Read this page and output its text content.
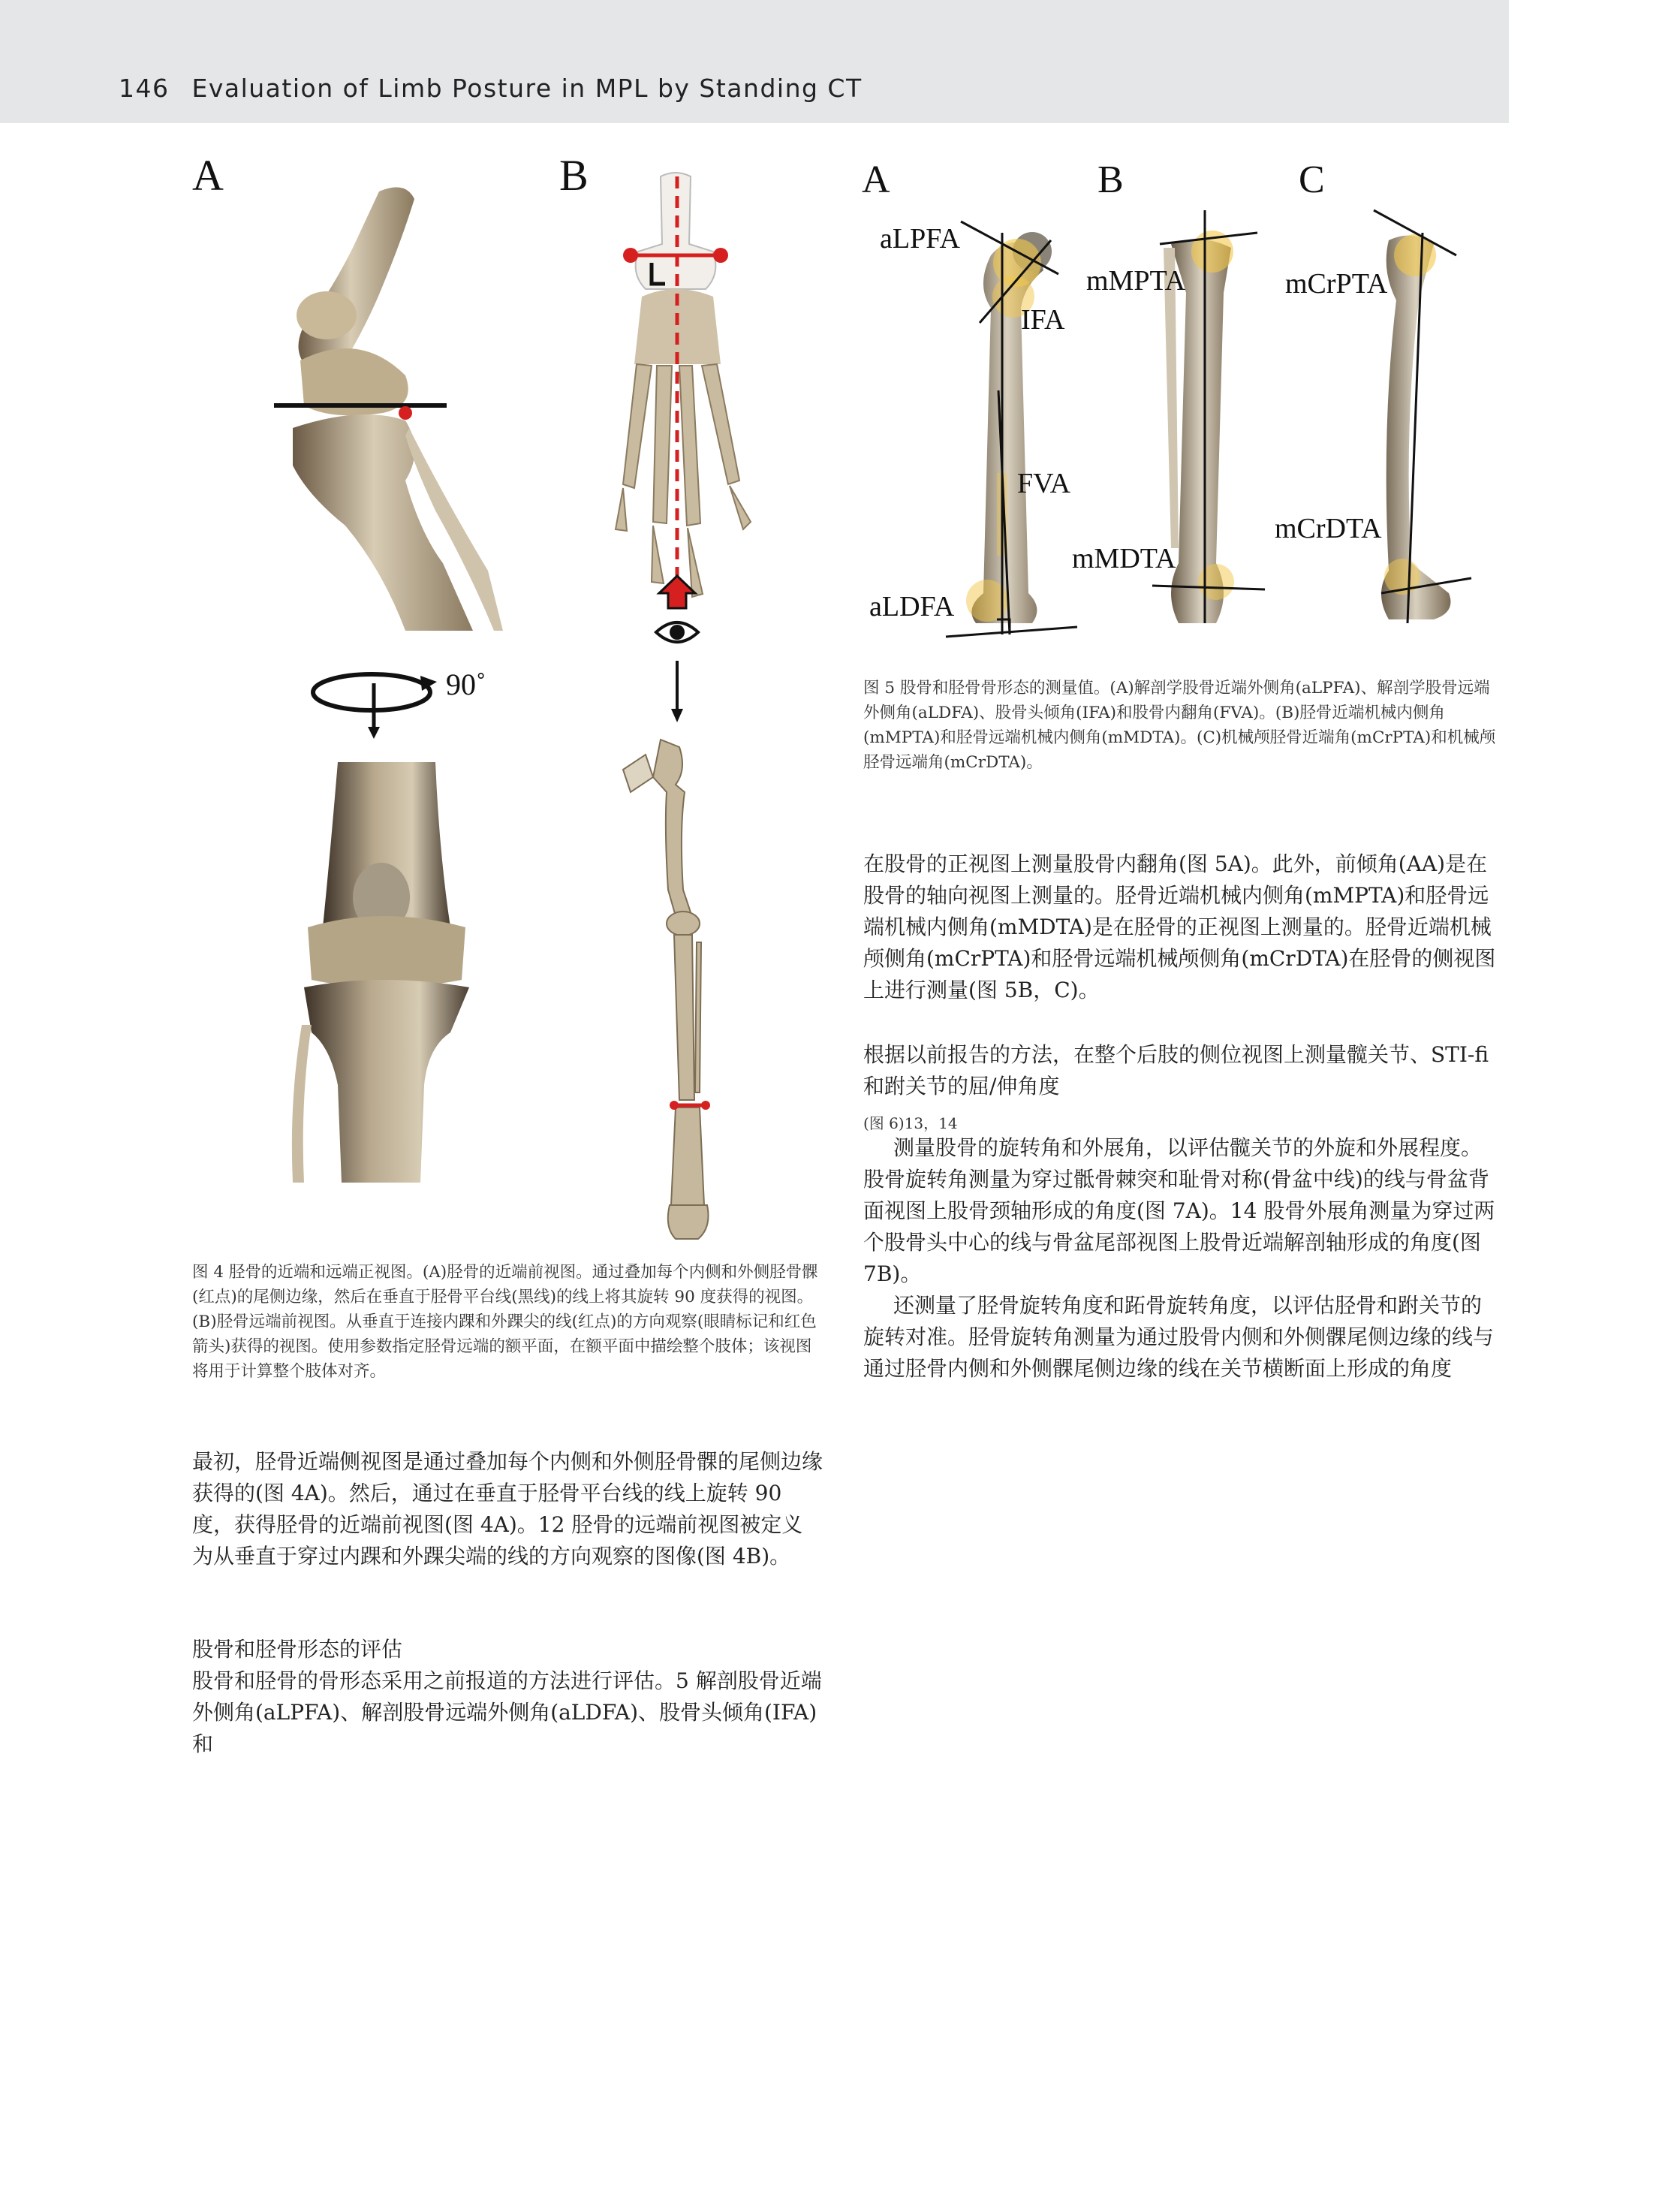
146 Evaluation of Limb Posture in MPL by Standing CT
A	B
90˚
图 4 胫骨的近端和远端正视图。(A)胫骨的近端前视图。通过叠加每个内侧和外侧胫骨髁(红点)的尾侧边缘，然后在垂直于胫骨平台线(黑线)的线上将其旋转 90 度获得的视图。(B)胫骨远端前视图。从垂直于连接内踝和外踝尖的线(红点)的方向观察(眼睛标记和红色箭头)获得的视图。使用参数指定胫骨远端的额平面，在额平面中描绘整个肢体；该视图将用于计算整个肢体对齐。
A	B	C
aLPFA
IFA
FVA
aLDFA
mMPTA
mMDTA
mCrPTA
mCrDTA
图 5 股骨和胫骨骨形态的测量值。(A)解剖学股骨近端外侧角(aLPFA)、解剖学股骨远端外侧角(aLDFA)、股骨头倾角(IFA)和股骨内翻角(FVA)。(B)胫骨近端机械内侧角(mMPTA)和胫骨远端机械内侧角(mMDTA)。(C)机械颅胫骨近端角(mCrPTA)和机械颅胫骨远端角(mCrDTA)。

在股骨的正视图上测量股骨内翻角(图 5A)。此外，前倾角(AA)是在股骨的轴向视图上测量的。胫骨近端机械内侧角(mMPTA)和胫骨远端机械内侧角(mMDTA)是在胫骨的正视图上测量的。胫骨近端机械颅侧角(mCrPTA)和胫骨远端机械颅侧角(mCrDTA)在胫骨的侧视图上进行测量(图 5B，C)。

根据以前报告的方法，在整个后肢的侧位视图上测量髋关节、STI-fi 和跗关节的屈/伸角度

(图 6)13，14

测量股骨的旋转角和外展角，以评估髋关节的外旋和外展程度。股骨旋转角测量为穿过骶骨棘突和耻骨对称(骨盆中线)的线与骨盆背面视图上股骨颈轴形成的角度(图 7A)。14 股骨外展角测量为穿过两个股骨头中心的线与骨盆尾部视图上股骨近端解剖轴形成的角度(图 7B)。

还测量了胫骨旋转角度和跖骨旋转角度，以评估胫骨和跗关节的旋转对准。胫骨旋转角测量为通过股骨内侧和外侧髁尾侧边缘的线与通过胫骨内侧和外侧髁尾侧边缘的线在关节横断面上形成的角度

最初，胫骨近端侧视图是通过叠加每个内侧和外侧胫骨髁的尾侧边缘获得的(图 4A)。然后，通过在垂直于胫骨平台线的线上旋转 90 度，获得胫骨的近端前视图(图 4A)。12 胫骨的远端前视图被定义为从垂直于穿过内踝和外踝尖端的线的方向观察的图像(图 4B)。

股骨和胫骨形态的评估

股骨和胫骨的骨形态采用之前报道的方法进行评估。5 解剖股骨近端外侧角(aLPFA)、解剖股骨远端外侧角(aLDFA)、股骨头倾角(IFA)和
